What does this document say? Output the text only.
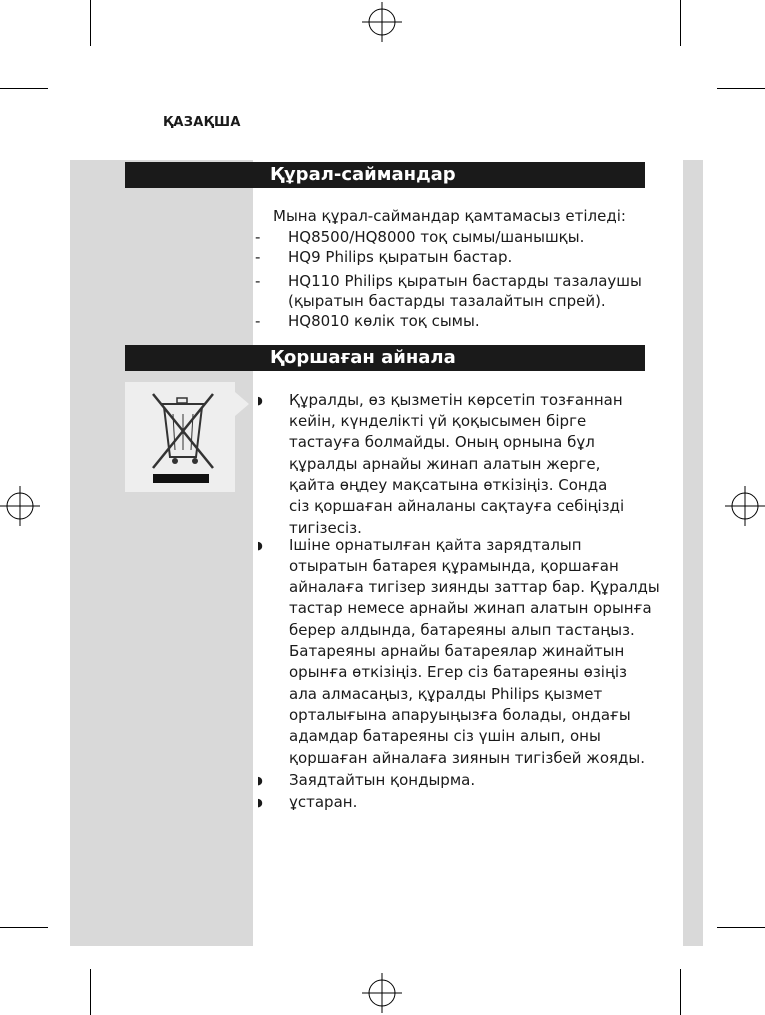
ҚАЗАҚША
Құрал-саймандар
Мына құрал-саймандар қамтамасыз етіледі:
- HQ8500/HQ8000 тоқ сымы/шанышқы.
- HQ9 Philips қыратын бастар.
- HQ110 Philips қыратын бастарды тазалаушы
(қыратын бастарды тазалайтын спрей).
- HQ8010 көлік тоқ сымы.
Қоршаған айнала
◗ Құралды, өз қызметін көрсетіп тозғаннан
кейін, күнделікті үй қоқысымен бірге
тастауға болмайды. Оның орнына бұл
құралды арнайы жинап алатын жерге,
қайта өңдеу мақсатына өткізіңіз. Сонда
сіз қоршаған айналаны сақтауға себіңізді
тигізесіз.
◗ Ішіне орнатылған қайта зарядталып
отыратын батарея құрамында, қоршаған
айналаға тигізер зиянды заттар бар. Құралды
тастар немесе арнайы жинап алатын орынға
берер алдында, батареяны алып тастаңыз.
Батареяны арнайы батареялар жинайтын
орынға өткізіңіз. Егер сіз батареяны өзіңіз
ала алмасаңыз, құралды Philips қызмет
орталығына апаруыңызға болады, ондағы
адамдар батареяны сіз үшін алып, оны
қоршаған айналаға зиянын тигізбей жояды.
◗ Заядтайтын қондырма.
◗ ұстаран.
